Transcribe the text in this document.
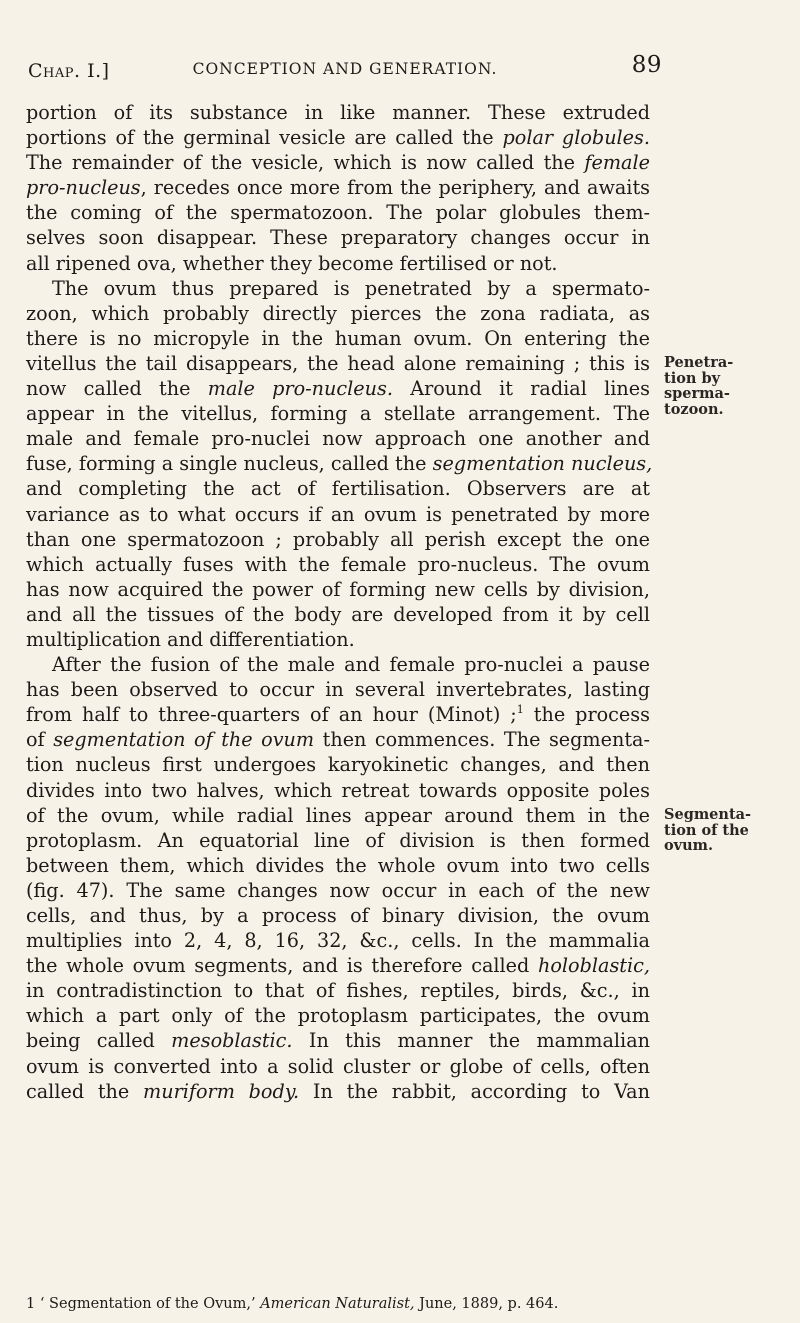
Chap. I.]	CONCEPTION AND GENERATION.	89
portion of its substance in like manner. These extruded
portions of the germinal vesicle are called the polar globules.
The remainder of the vesicle, which is now called the female
pro-nucleus, recedes once more from the periphery, and awaits
the coming of the spermatozoon. The polar globules them-
selves soon disappear. These preparatory changes occur in
all ripened ova, whether they become fertilised or not.
The ovum thus prepared is penetrated by a spermato-
zoon, which probably directly pierces the zona radiata, as
there is no micropyle in the human ovum. On entering the
vitellus the tail disappears, the head alone remaining ; this is
now called the male pro-nucleus. Around it radial lines
appear in the vitellus, forming a stellate arrangement. The
male and female pro-nuclei now approach one another and
fuse, forming a single nucleus, called the segmentation nucleus,
and completing the act of fertilisation. Observers are at
variance as to what occurs if an ovum is penetrated by more
than one spermatozoon ; probably all perish except the one
which actually fuses with the female pro-nucleus. The ovum
has now acquired the power of forming new cells by division,
and all the tissues of the body are developed from it by cell
multiplication and differentiation.
After the fusion of the male and female pro-nuclei a pause
has been observed to occur in several invertebrates, lasting
from half to three-quarters of an hour (Minot) ;$^1$ the process
of segmentation of the ovum then commences. The segmenta-
tion nucleus first undergoes karyokinetic changes, and then
divides into two halves, which retreat towards opposite poles
of the ovum, while radial lines appear around them in the
protoplasm. An equatorial line of division is then formed
between them, which divides the whole ovum into two cells
(fig. 47). The same changes now occur in each of the new
cells, and thus, by a process of binary division, the ovum
multiplies into 2, 4, 8, 16, 32, &c., cells. In the mammalia
the whole ovum segments, and is therefore called holoblastic,
in contradistinction to that of fishes, reptiles, birds, &c., in
which a part only of the protoplasm participates, the ovum
being called mesoblastic. In this manner the mammalian
ovum is converted into a solid cluster or globe of cells, often
called the muriform body. In the rabbit, according to Van
Penetra-
tion by
sperma-
tozoon.
Segmenta-
tion of the
ovum.
1 ‘ Segmentation of the Ovum,’ American Naturalist, June, 1889, p. 464.
